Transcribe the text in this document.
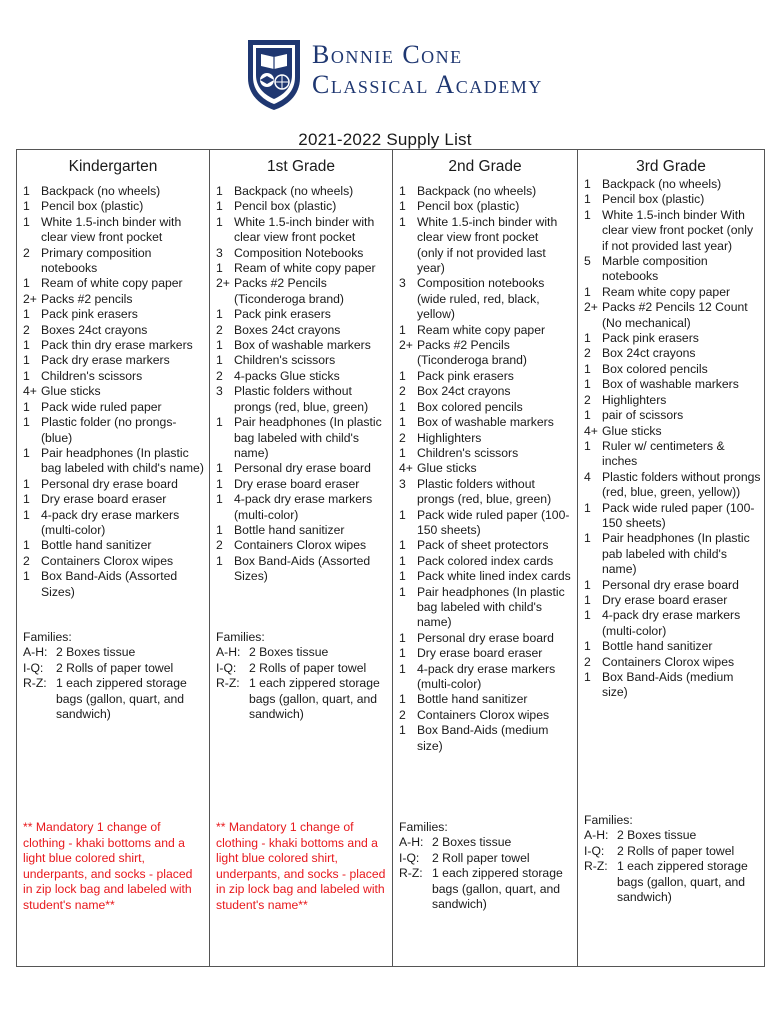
Bonnie Cone
Classical Academy
2021-2022 Supply List
Kindergarten
1 Backpack (no wheels)
1 Pencil box (plastic)
1 White 1.5-inch binder with clear view front pocket
2 Primary composition notebooks
1 Ream of white copy paper
2+ Packs #2 pencils
1 Pack pink erasers
2 Boxes 24ct crayons
1 Pack thin dry erase markers
1 Pack dry erase markers
1 Children's scissors
4+ Glue sticks
1 Pack wide ruled paper
1 Plastic folder (no prongs-(blue)
1 Pair headphones (In plastic bag labeled with child's name)
1 Personal dry erase board
1 Dry erase board eraser
1 4-pack dry erase markers (multi-color)
1 Bottle hand sanitizer
2 Containers Clorox wipes
1 Box Band-Aids (Assorted Sizes)
Families:
A-H: 2 Boxes tissue
I-Q:	2 Rolls of paper towel
R-Z: 1 each zippered storage bags (gallon, quart, and sandwich)
** Mandatory 1 change of clothing - khaki bottoms and a light blue colored shirt, underpants, and socks - placed in zip lock bag and labeled with student's name**
1st Grade
1 Backpack (no wheels)
1 Pencil box (plastic)
1 White 1.5-inch binder with clear view front pocket
3 Composition Notebooks
1 Ream of white copy paper
2+ Packs #2 Pencils (Ticonderoga brand)
1 Pack pink erasers
2 Boxes 24ct crayons
1 Box of washable markers
1 Children's scissors
2 4-packs Glue sticks
3 Plastic folders without prongs (red, blue, green)
1 Pair headphones (In plastic bag labeled with child's name)
1 Personal dry erase board
1 Dry erase board eraser
1 4-pack dry erase markers (multi-color)
1 Bottle hand sanitizer
2 Containers Clorox wipes
1 Box Band-Aids (Assorted Sizes)
Families:
A-H: 2 Boxes tissue
I-Q:	2 Rolls of paper towel
R-Z: 1 each zippered storage bags (gallon, quart, and sandwich)
** Mandatory 1 change of clothing - khaki bottoms and a light blue colored shirt, underpants, and socks - placed in zip lock bag and labeled with student's name**
2nd Grade
1 Backpack (no wheels)
1 Pencil box (plastic)
1 White 1.5-inch binder with clear view front pocket
(only if not provided last year)
3 Composition notebooks (wide ruled, red, black, yellow)
1 Ream white copy paper
2+ Packs #2 Pencils (Ticonderoga brand)
1 Pack pink erasers
2 Box 24ct crayons
1 Box colored pencils
1 Box of washable markers
2 Highlighters
1 Children's scissors
4+ Glue sticks
3 Plastic folders without prongs (red, blue, green)
1 Pack wide ruled paper (100-150 sheets)
1 Pack of sheet protectors
1 Pack colored index cards
1 Pack white lined index cards
1 Pair headphones (In plastic bag labeled with child's name)
1 Personal dry erase board
1 Dry erase board eraser
1 4-pack dry erase markers (multi-color)
1 Bottle hand sanitizer
2 Containers Clorox wipes
1 Box Band-Aids (medium size)
Families:
A-H: 2 Boxes tissue
I-Q:	2 Roll paper towel
R-Z: 1 each zippered storage bags (gallon, quart, and sandwich)
3rd Grade
1 Backpack (no wheels)
1 Pencil box (plastic)
1 White 1.5-inch binder With clear view front pocket (only if not provided last year)
5 Marble composition notebooks
1 Ream white copy paper
2+ Packs #2 Pencils 12 Count (No mechanical)
1 Pack pink erasers
2 Box 24ct crayons
1 Box colored pencils
1 Box of washable markers
2 Highlighters
1 pair of scissors
4+ Glue sticks
1 Ruler w/ centimeters & inches
4 Plastic folders without prongs (red, blue, green, yellow))
1 Pack wide ruled paper (100-150 sheets)
1 Pair headphones (In plastic pab labeled with child's name)
1 Personal dry erase board
1 Dry erase board eraser
1 4-pack dry erase markers (multi-color)
1 Bottle hand sanitizer
2 Containers Clorox wipes
1 Box Band-Aids (medium size)
Families:
A-H: 2 Boxes tissue
I-Q:	2 Rolls of paper towel
R-Z: 1 each zippered storage bags (gallon, quart, and sandwich)
